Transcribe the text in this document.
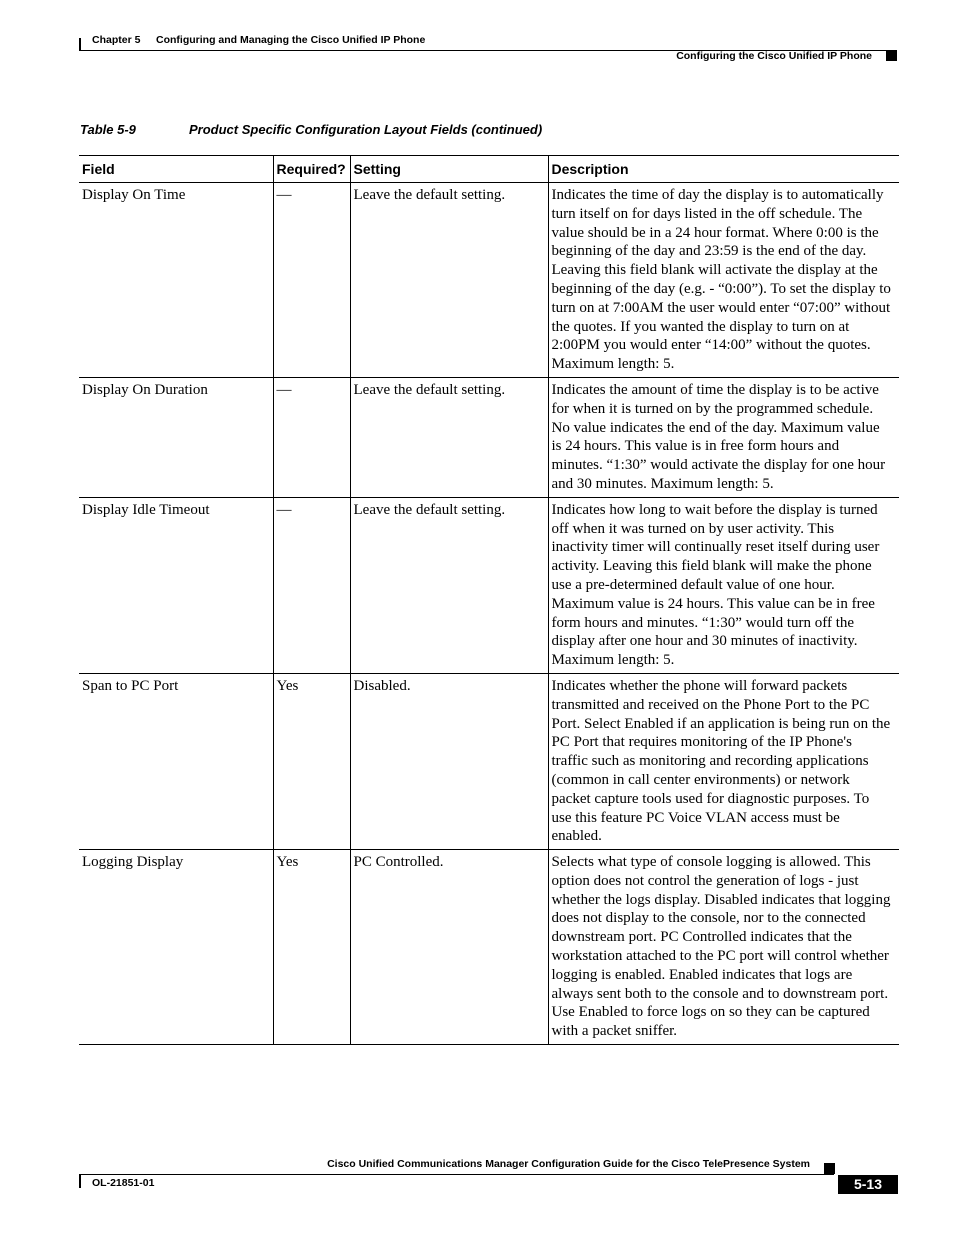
Chapter 5 Configuring and Managing the Cisco Unified IP Phone
Configuring the Cisco Unified IP Phone
Table 5-9	Product Specific Configuration Layout Fields (continued)
Field	Required?	Setting	Description
Display On Time	—	Leave the default setting.	Indicates the time of day the display is to automatically turn itself on for days listed in the off schedule. The value should be in a 24 hour format. Where 0:00 is the beginning of the day and 23:59 is the end of the day. Leaving this field blank will activate the display at the beginning of the day (e.g. - “0:00”). To set the display to turn on at 7:00AM the user would enter “07:00” without the quotes. If you wanted the display to turn on at 2:00PM you would enter “14:00” without the quotes. Maximum length: 5.
Display On Duration	—	Leave the default setting.	Indicates the amount of time the display is to be active for when it is turned on by the programmed schedule. No value indicates the end of the day. Maximum value is 24 hours. This value is in free form hours and minutes. “1:30” would activate the display for one hour and 30 minutes. Maximum length: 5.
Display Idle Timeout	—	Leave the default setting.	Indicates how long to wait before the display is turned off when it was turned on by user activity. This inactivity timer will continually reset itself during user activity. Leaving this field blank will make the phone use a pre-determined default value of one hour. Maximum value is 24 hours. This value can be in free form hours and minutes. “1:30” would turn off the display after one hour and 30 minutes of inactivity. Maximum length: 5.
Span to PC Port	Yes	Disabled.	Indicates whether the phone will forward packets transmitted and received on the Phone Port to the PC Port. Select Enabled if an application is being run on the PC Port that requires monitoring of the IP Phone's traffic such as monitoring and recording applications (common in call center environments) or network packet capture tools used for diagnostic purposes. To use this feature PC Voice VLAN access must be enabled.
Logging Display	Yes	PC Controlled.	Selects what type of console logging is allowed. This option does not control the generation of logs - just whether the logs display. Disabled indicates that logging does not display to the console, nor to the connected downstream port. PC Controlled indicates that the workstation attached to the PC port will control whether logging is enabled. Enabled indicates that logs are always sent both to the console and to downstream port. Use Enabled to force logs on so they can be captured with a packet sniffer.
Cisco Unified Communications Manager Configuration Guide for the Cisco TelePresence System
OL-21851-01	5-13
